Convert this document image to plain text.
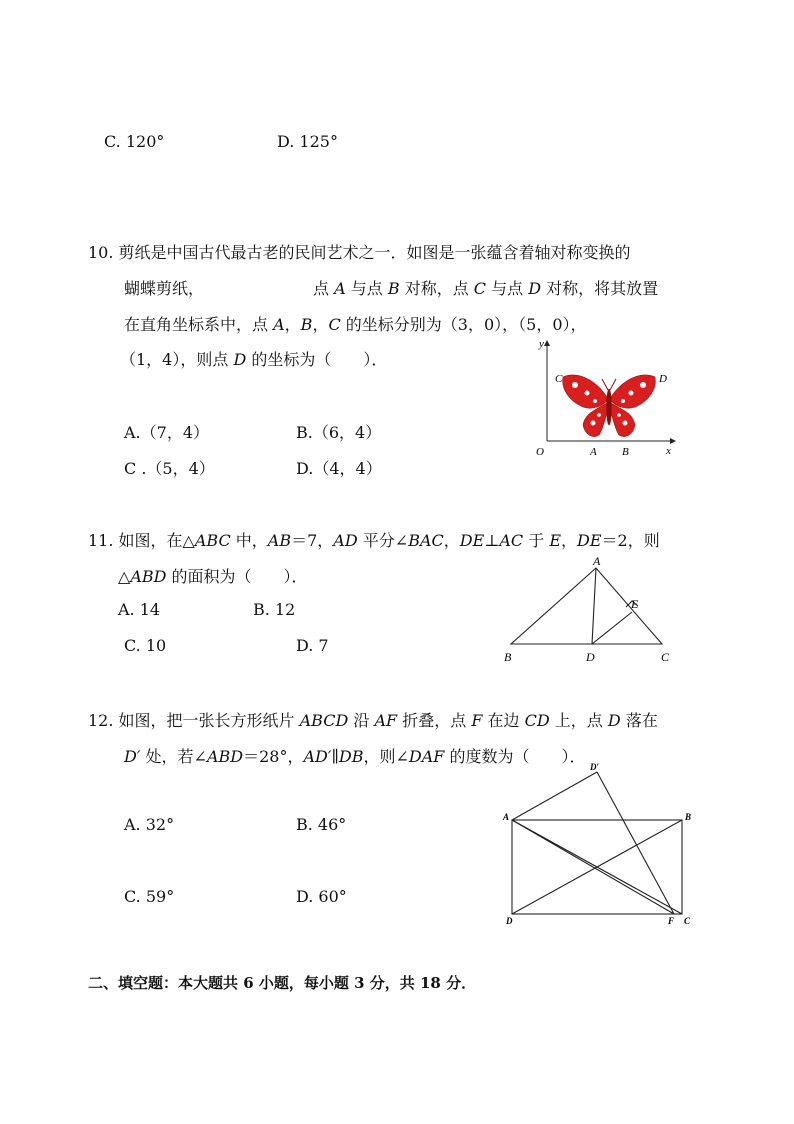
C. 120°	D. 125°
10. 剪纸是中国古代最古老的民间艺术之一．如图是一张蕴含着轴对称变换的
蝴蝶剪纸，	点 A 与点 B 对称，点 C 与点 D 对称，将其放置
在直角坐标系中，点 A，B，C 的坐标分别为（3，0），（5，0），
（1，4），则点 D 的坐标为（　　）．
A.（7，4）	B.（6，4）
C .（5，4）	D.（4，4）
y
x
O	A B
C	D
11. 如图，在△ABC 中，AB＝7，AD 平分∠BAC，DE⊥AC 于 E，DE＝2，则
△ABD 的面积为（　　）．
A. 14	B. 12
C. 10	D. 7
A
B	C
D
E
12. 如图，把一张长方形纸片 ABCD 沿 AF 折叠，点 F 在边 CD 上，点 D 落在
D′ 处，若∠ABD＝28°，AD′∥DB，则∠DAF 的度数为（　　）．
A. 32°	B. 46°
C. 59°	D. 60°
A	B
C
D	F
D′
二、填空题：本大题共 6 小题，每小题 3 分，共 18 分．
